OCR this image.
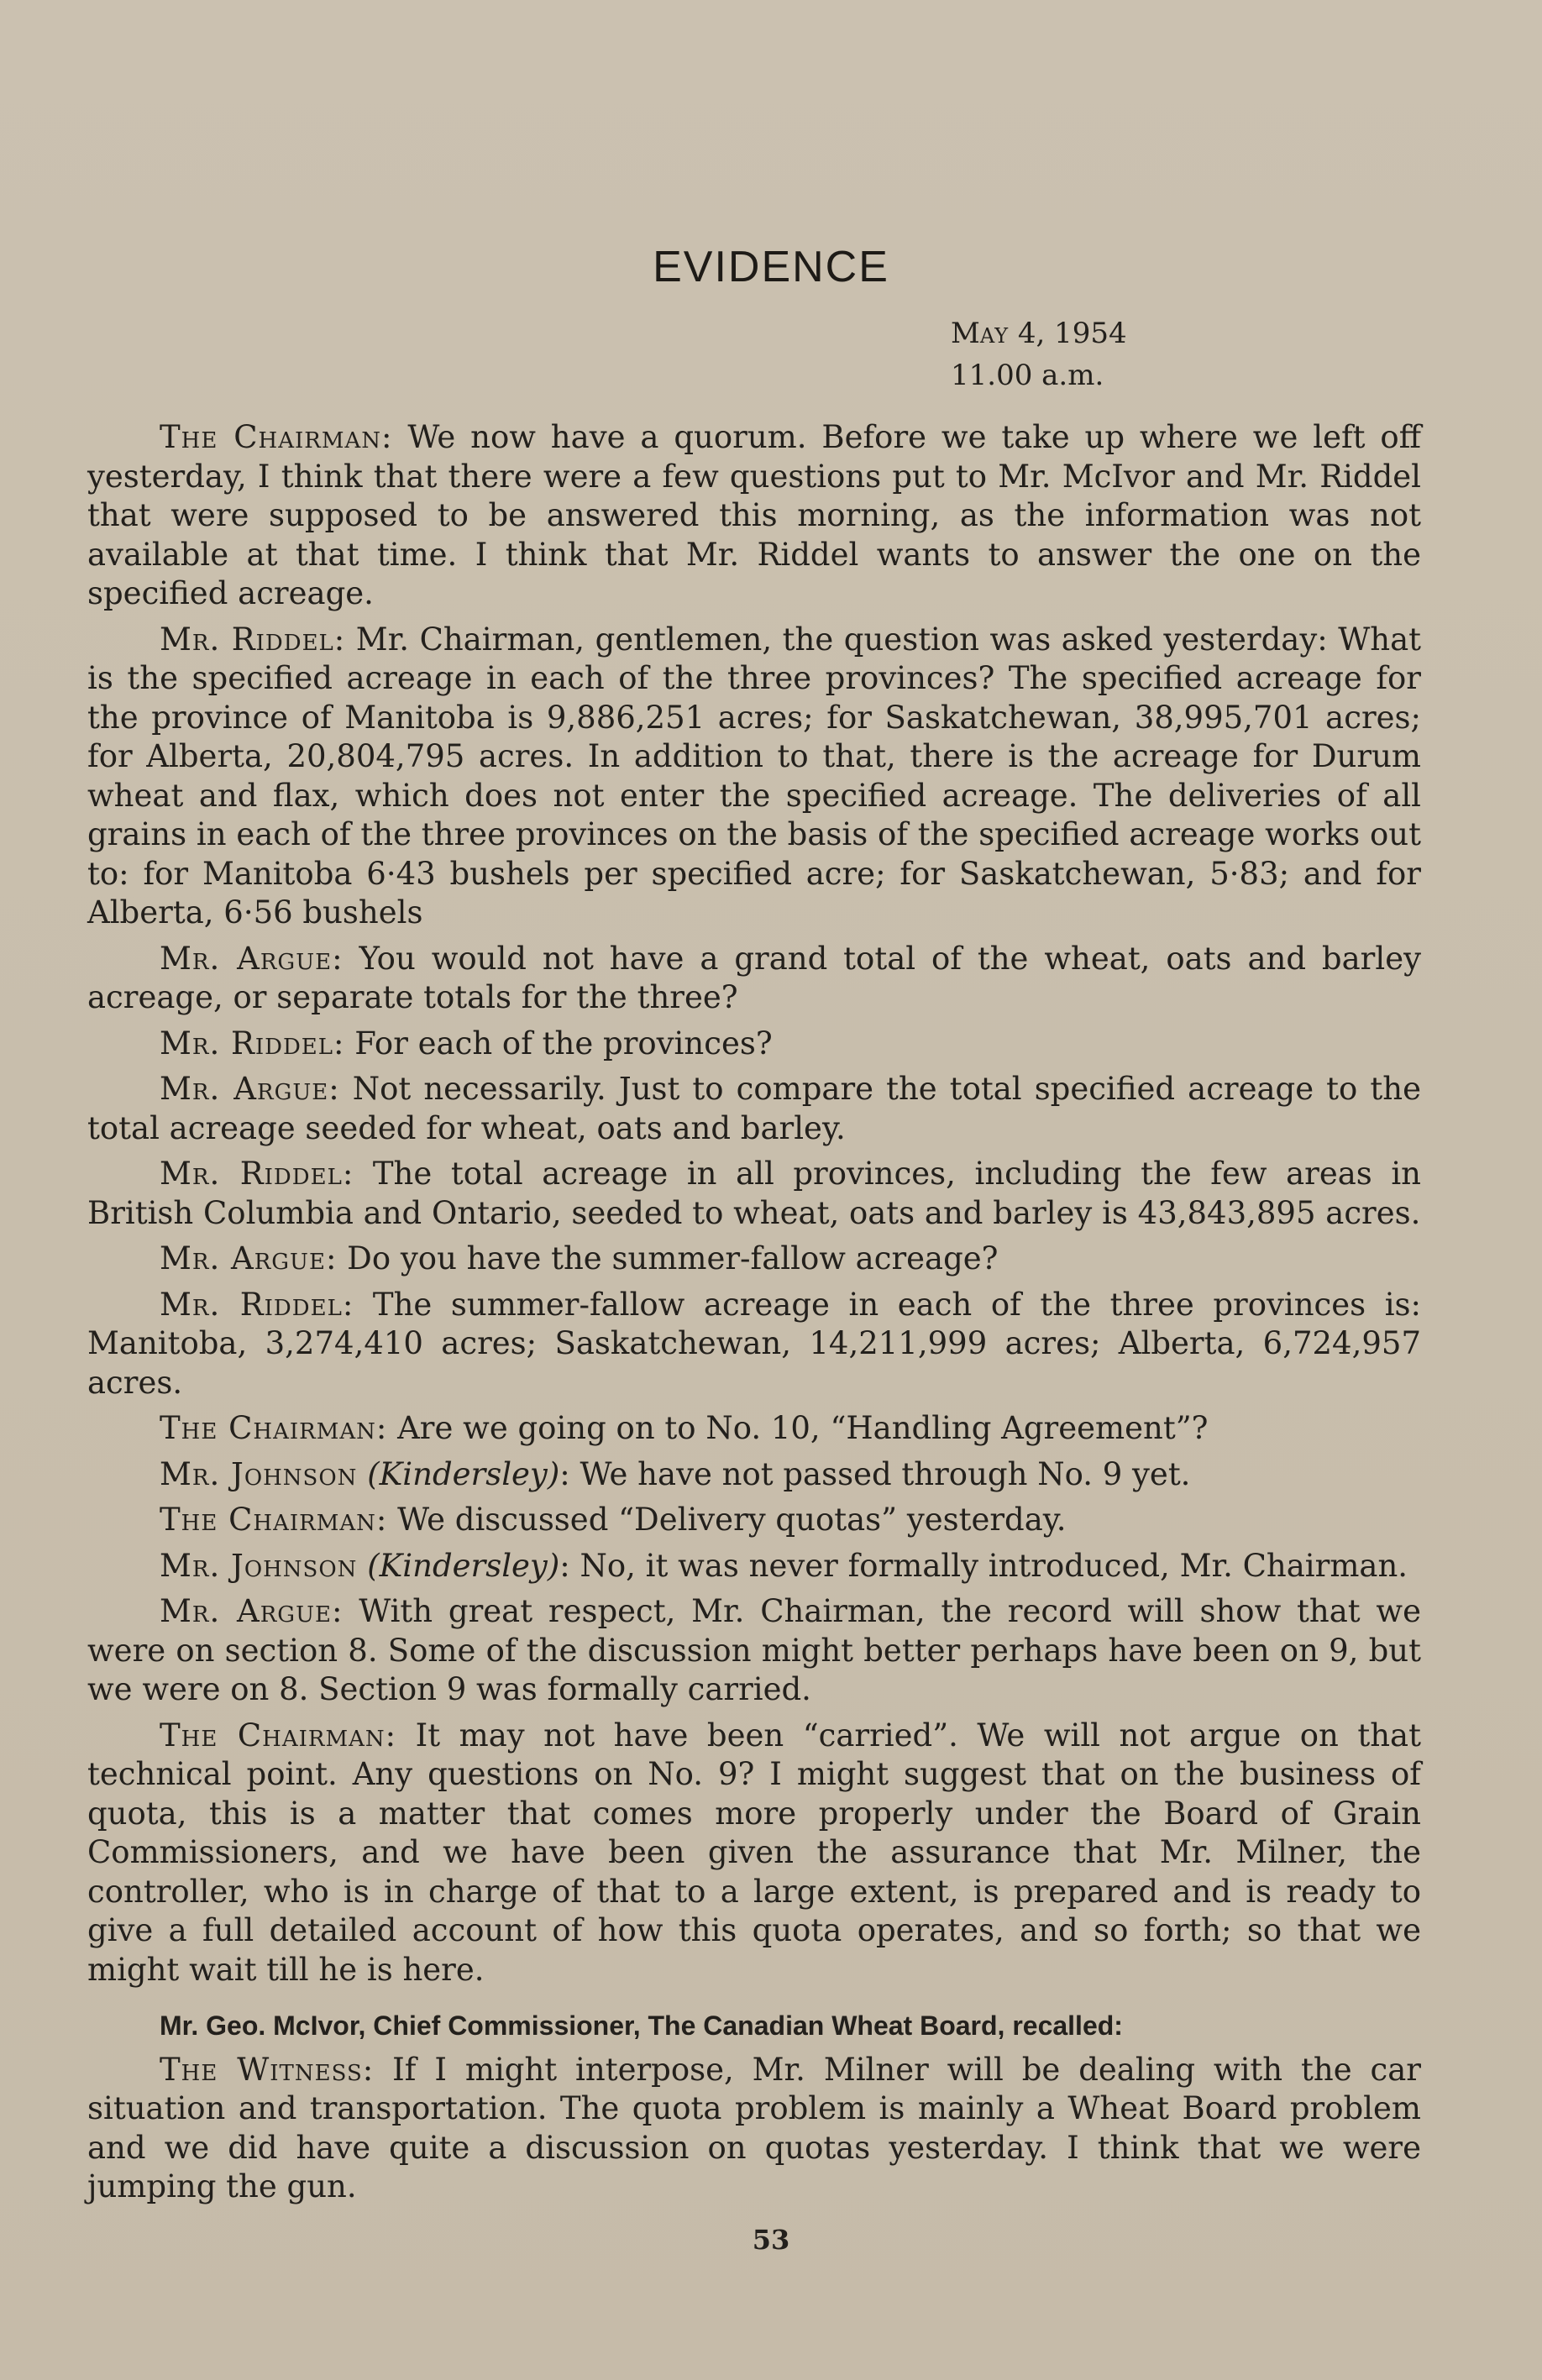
EVIDENCE
May 4, 1954
11.00 a.m.

The Chairman: We now have a quorum. Before we take up where we left off yesterday, I think that there were a few questions put to Mr. McIvor and Mr. Riddel that were supposed to be answered this morning, as the information was not available at that time. I think that Mr. Riddel wants to answer the one on the specified acreage.

Mr. Riddel: Mr. Chairman, gentlemen, the question was asked yesterday: What is the specified acreage in each of the three provinces? The specified acreage for the province of Manitoba is 9,886,251 acres; for Saskatchewan, 38,995,701 acres; for Alberta, 20,804,795 acres. In addition to that, there is the acreage for Durum wheat and flax, which does not enter the specified acreage. The deliveries of all grains in each of the three provinces on the basis of the specified acreage works out to: for Manitoba 6·43 bushels per specified acre; for Saskatchewan, 5·83; and for Alberta, 6·56 bushels

Mr. Argue: You would not have a grand total of the wheat, oats and barley acreage, or separate totals for the three?

Mr. Riddel: For each of the provinces?

Mr. Argue: Not necessarily. Just to compare the total specified acreage to the total acreage seeded for wheat, oats and barley.

Mr. Riddel: The total acreage in all provinces, including the few areas in British Columbia and Ontario, seeded to wheat, oats and barley is 43,843,895 acres.

Mr. Argue: Do you have the summer-fallow acreage?

Mr. Riddel: The summer-fallow acreage in each of the three provinces is: Manitoba, 3,274,410 acres; Saskatchewan, 14,211,999 acres; Alberta, 6,724,957 acres.

The Chairman: Are we going on to No. 10, “Handling Agreement”?

Mr. Johnson (Kindersley): We have not passed through No. 9 yet.

The Chairman: We discussed “Delivery quotas” yesterday.

Mr. Johnson (Kindersley): No, it was never formally introduced, Mr. Chairman.

Mr. Argue: With great respect, Mr. Chairman, the record will show that we were on section 8. Some of the discussion might better perhaps have been on 9, but we were on 8. Section 9 was formally carried.

The Chairman: It may not have been “carried”. We will not argue on that technical point. Any questions on No. 9? I might suggest that on the business of quota, this is a matter that comes more properly under the Board of Grain Commissioners, and we have been given the assurance that Mr. Milner, the controller, who is in charge of that to a large extent, is prepared and is ready to give a full detailed account of how this quota operates, and so forth; so that we might wait till he is here.

Mr. Geo. McIvor, Chief Commissioner, The Canadian Wheat Board, recalled:

The Witness: If I might interpose, Mr. Milner will be dealing with the car situation and transportation. The quota problem is mainly a Wheat Board problem and we did have quite a discussion on quotas yesterday. I think that we were jumping the gun.

53
